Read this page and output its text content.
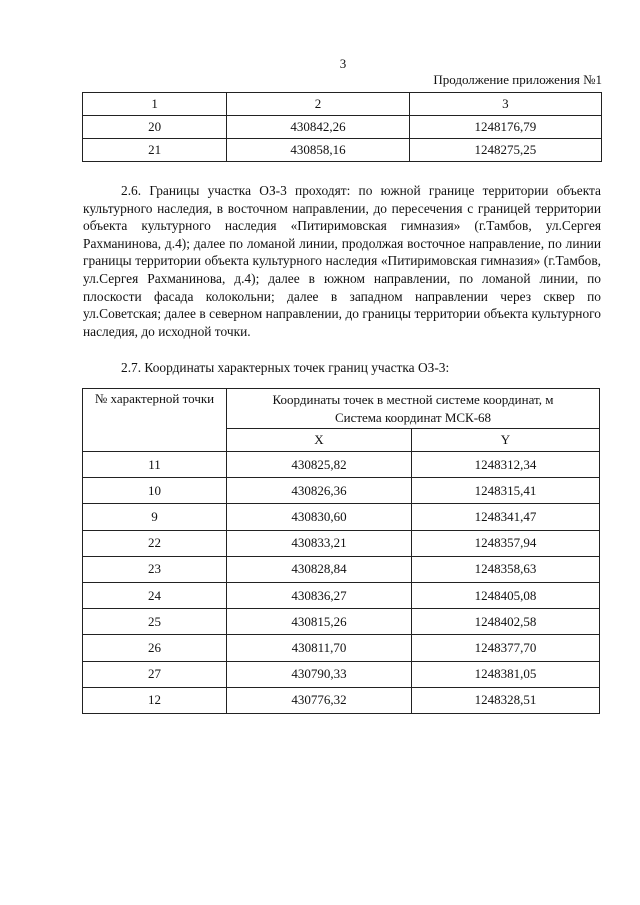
3
Продолжение приложения №1
1	2	3
20	430842,26	1248176,79
21	430858,16	1248275,25

2.6. Границы участка ОЗ-3 проходят: по южной границе территории объекта культурного наследия, в восточном направлении, до пересечения с границей территории объекта культурного наследия «Питиримовская гимназия» (г.Тамбов, ул.Сергея Рахманинова, д.4); далее по ломаной линии, продолжая восточное направление, по линии границы территории объекта культурного наследия «Питиримовская гимназия» (г.Тамбов, ул.Сергея Рахманинова, д.4); далее в южном направлении, по ломаной линии, по плоскости фасада колокольни; далее в западном направлении через сквер по ул.Советская; далее в северном направлении, до границы территории объекта культурного наследия, до исходной точки.

2.7. Координаты характерных точек границ участка ОЗ-3:

№ характерной точки	Координаты точек в местной системе координат, м
Система координат МСК-68	

	X	Y
11	430825,82	1248312,34
10	430826,36	1248315,41
9	430830,60	1248341,47
22	430833,21	1248357,94
23	430828,84	1248358,63
24	430836,27	1248405,08
25	430815,26	1248402,58
26	430811,70	1248377,70
27	430790,33	1248381,05
12	430776,32	1248328,51
